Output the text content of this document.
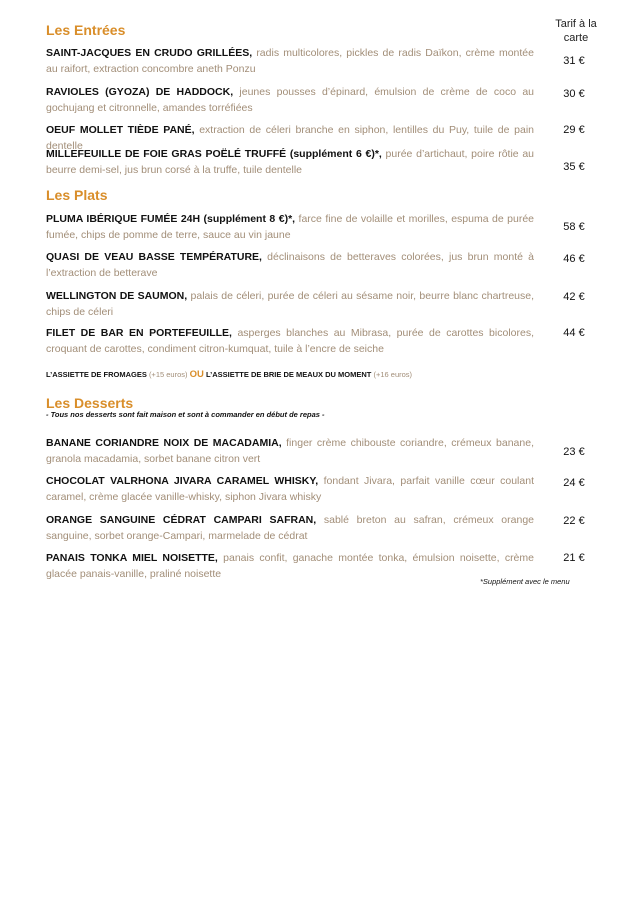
Tarif à la
carte
Les Entrées
SAINT-JACQUES EN CRUDO GRILLÉES, radis multicolores, pickles de radis Daïkon, crème montée au raifort, extraction concombre aneth Ponzu
31 €
RAVIOLES (GYOZA) DE HADDOCK, jeunes pousses d’épinard, émulsion de crème de coco au gochujang et citronnelle, amandes torréfiées
30 €
OEUF MOLLET TIÈDE PANÉ, extraction de céleri branche en siphon, lentilles du Puy, tuile de pain dentelle
29 €
MILLEFEUILLE DE FOIE GRAS POËLÉ TRUFFÉ (supplément 6 €)*, purée d’artichaut, poire rôtie au beurre demi-sel, jus brun corsé à la truffe, tuile dentelle	35 €
Les Plats
PLUMA IBÉRIQUE FUMÉE 24H (supplément 8 €)*, farce fine de volaille et morilles, espuma de purée fumée, chips de pomme de terre, sauce au vin jaune
58 €
QUASI DE VEAU BASSE TEMPÉRATURE, déclinaisons de betteraves colorées, jus brun monté à l’extraction de betterave
46 €
WELLINGTON DE SAUMON, palais de céleri, purée de céleri au sésame noir, beurre blanc chartreuse, chips de céleri
42 €
FILET DE BAR EN PORTEFEUILLE, asperges blanches au Mibrasa, purée de carottes bicolores, croquant de carottes, condiment citron-kumquat, tuile à l’encre de seiche
44 €
L’ASSIETTE DE FROMAGES (+15 euros) OU L’ASSIETTE DE BRIE DE MEAUX DU MOMENT (+16 euros)
Les Desserts
- Tous nos desserts sont fait maison et sont à commander en début de repas -
BANANE CORIANDRE NOIX DE MACADAMIA, finger crème chibouste coriandre, crémeux banane, granola macadamia, sorbet banane citron vert
23 €
CHOCOLAT VALRHONA JIVARA CARAMEL WHISKY, fondant Jivara, parfait vanille cœur coulant caramel, crème glacée vanille-whisky, siphon Jivara whisky
24 €
ORANGE SANGUINE CÉDRAT CAMPARI SAFRAN, sablé breton au safran, crémeux orange sanguine, sorbet orange-Campari, marmelade de cédrat
22 €
PANAIS TONKA MIEL NOISETTE, panais confit, ganache montée tonka, émulsion noisette, crème glacée panais-vanille, praliné noisette
21 €
*Supplément avec le menu
